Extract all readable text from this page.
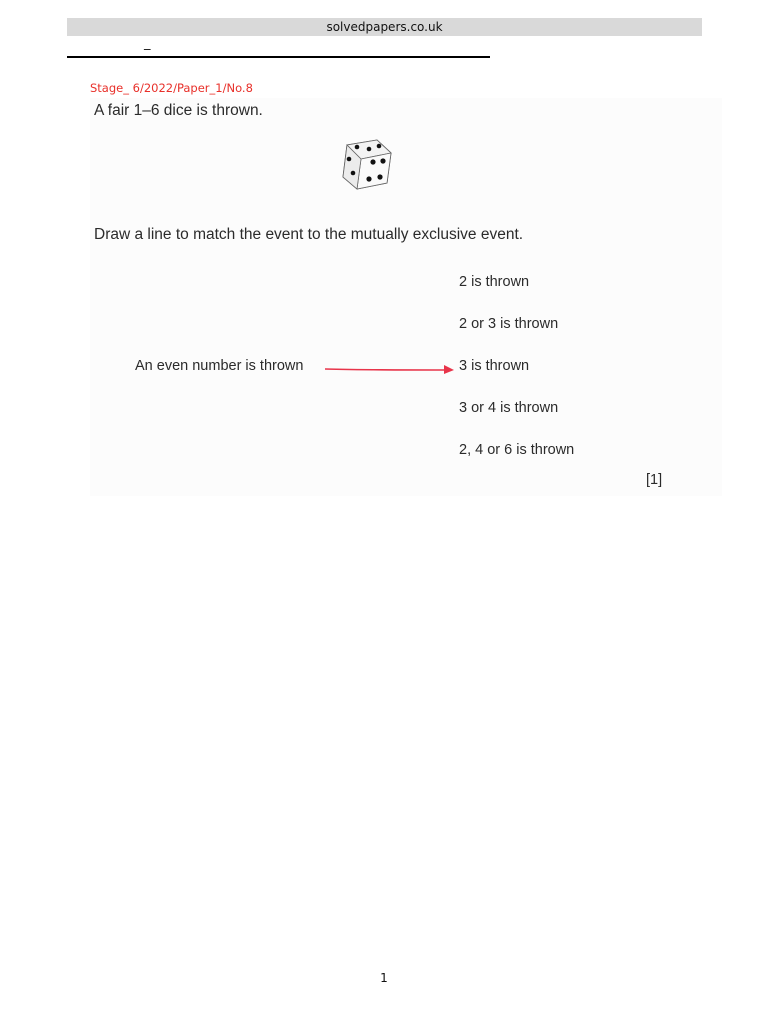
solvedpapers.co.uk
_
Stage_ 6/2022/Paper_1/No.8
A fair 1–6 dice is thrown.
Draw a line to match the event to the mutually exclusive event.
2 is thrown
2 or 3 is thrown
3 is thrown
3 or 4 is thrown
2, 4 or 6 is thrown
An even number is thrown
[1]
1
